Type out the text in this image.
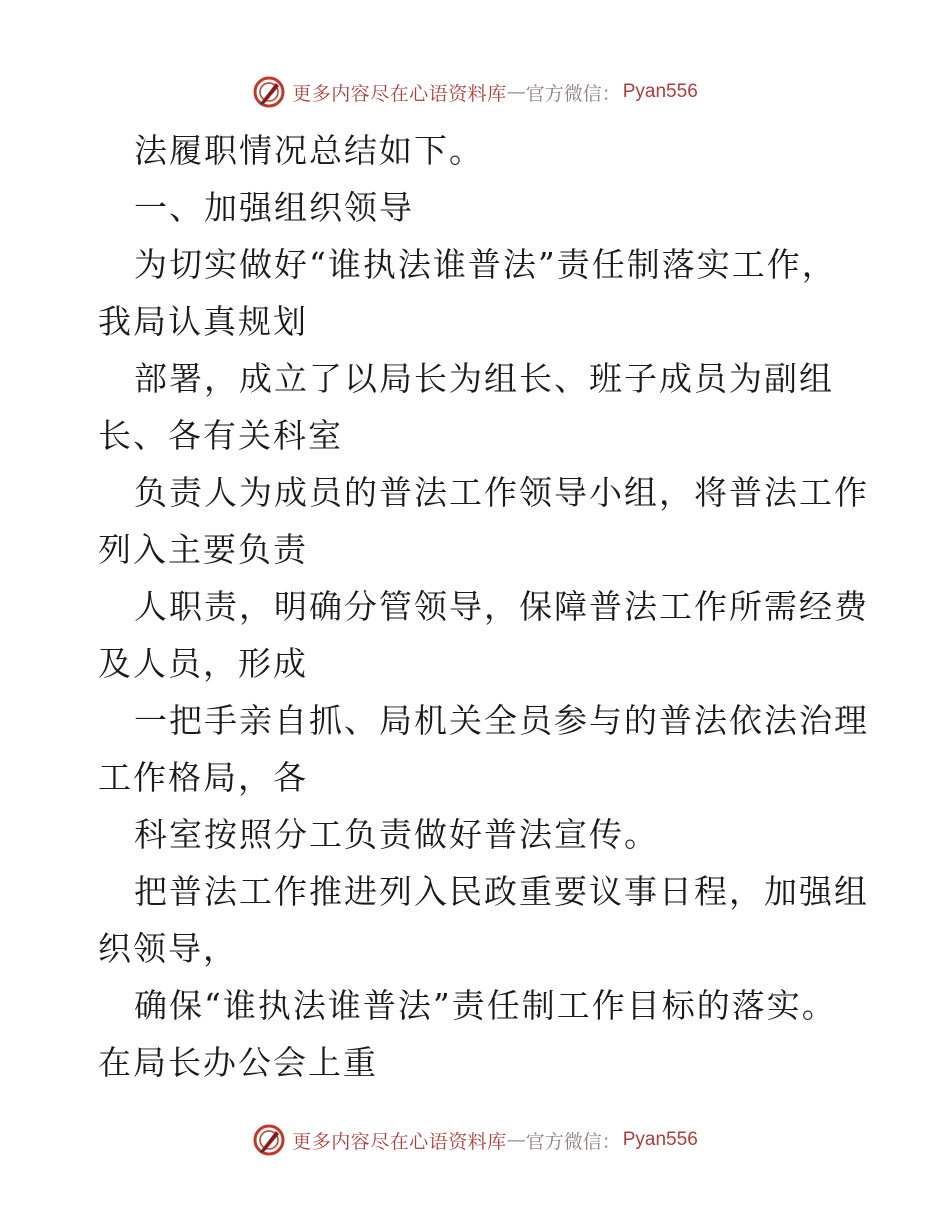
更多内容尽在心语资料库 — 官方微信： Pyan556
法履职情况总结如下。
一、加强组织领导
为切实做好“谁执法谁普法”责任制落实工作，
我局认真规划
部署，成立了以局长为组长、班子成员为副组
长、各有关科室
负责人为成员的普法工作领导小组，将普法工作
列入主要负责
人职责，明确分管领导，保障普法工作所需经费
及人员，形成
一把手亲自抓、局机关全员参与的普法依法治理
工作格局，各
科室按照分工负责做好普法宣传。
把普法工作推进列入民政重要议事日程，加强组
织领导，
确保“谁执法谁普法”责任制工作目标的落实。
在局长办公会上重
更多内容尽在心语资料库 — 官方微信： Pyan556
